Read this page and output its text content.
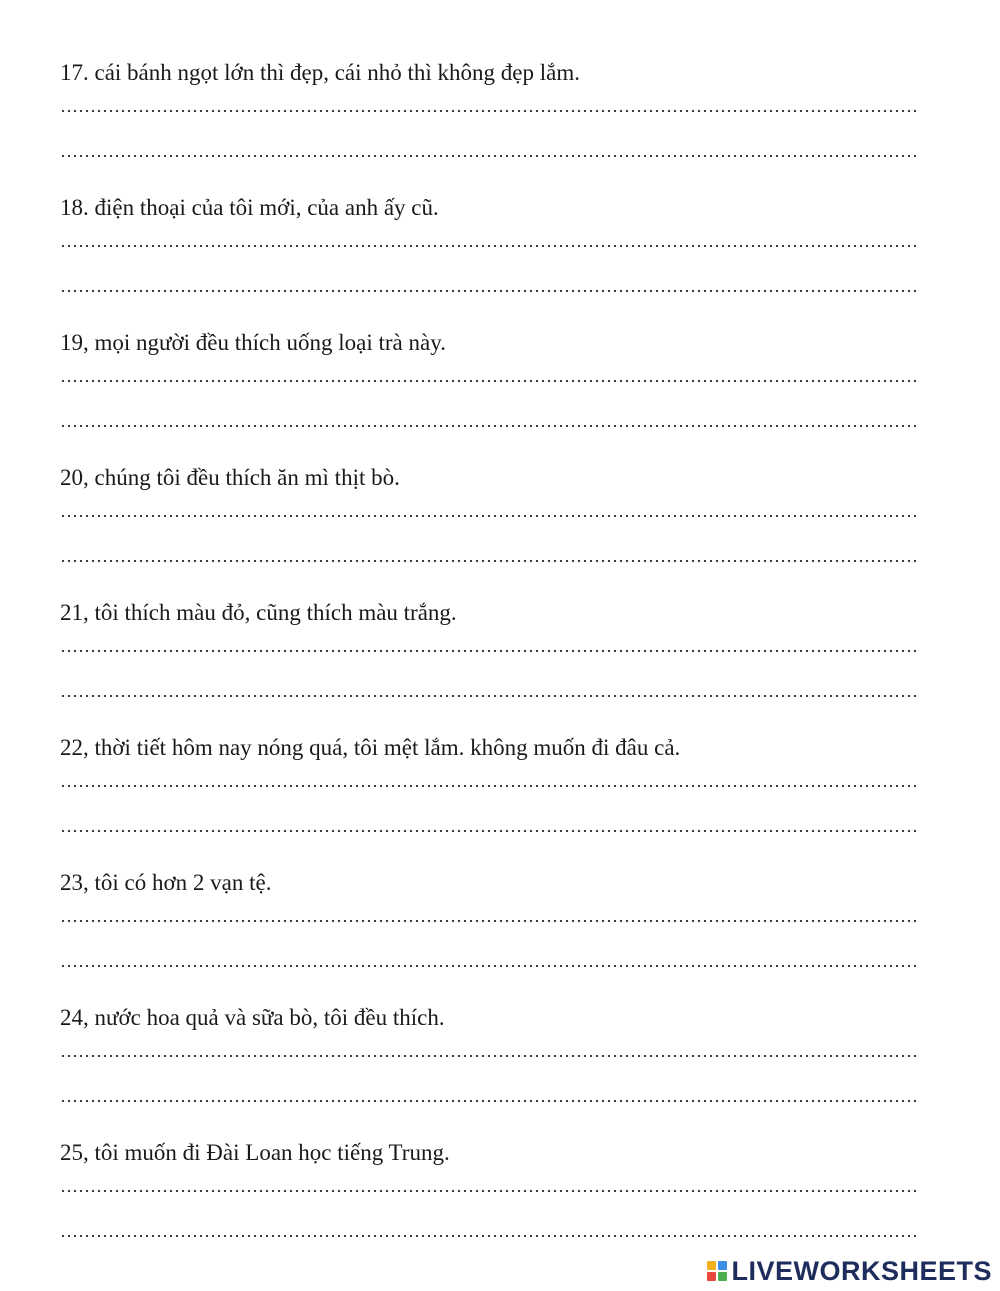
17. cái bánh ngọt lớn thì đẹp, cái nhỏ thì không đẹp lắm.
18. điện thoại của tôi mới, của anh ấy cũ.
19, mọi người đều thích uống loại trà này.
20, chúng tôi đều thích ăn mì thịt bò.
21, tôi thích màu đỏ, cũng thích màu trắng.
22, thời tiết hôm nay nóng quá, tôi mệt lắm. không muốn đi đâu cả.
23, tôi có hơn 2 vạn tệ.
24, nước hoa quả và sữa bò, tôi đều thích.
25, tôi muốn đi Đài Loan học tiếng Trung.
LIVEWORKSHEETS
